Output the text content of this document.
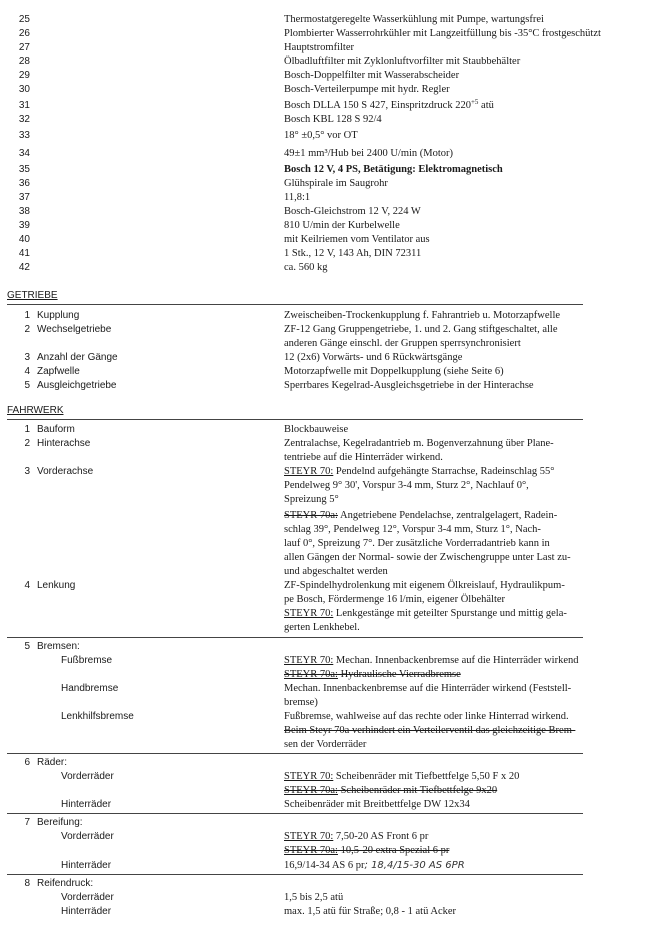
25	Thermostatgeregelte Wasserkühlung mit Pumpe, wartungsfrei
26	Plombierter Wasserrohrkühler mit Langzeitfüllung bis -35°C frostgeschützt
27	Hauptstromfilter
28	Ölbadluftfilter mit Zyklonluftvorfilter mit Staubbehälter
29	Bosch-Doppelfilter mit Wasserabscheider
30	Bosch-Verteilerpumpe mit hydr. Regler
31	Bosch DLLA 150 S 427, Einspritzdruck $220^{+5}$ atü
32	Bosch KBL 128 S 92/4
33	18° ±0,5° vor OT
34	49±1 mm³/Hub bei 2400 U/min (Motor)
35	Bosch 12 V, 4 PS, Betätigung: Elektromagnetisch
36	Glühspirale im Saugrohr
37	11,8:1
38	Bosch-Gleichstrom 12 V, 224 W
39	810 U/min der Kurbelwelle
40	mit Keilriemen vom Ventilator aus
41	1 Stk., 12 V, 143 Ah, DIN 72311
42	ca. 560 kg
GETRIEBE
1 Kupplung	Zweischeiben-Trockenkupplung f. Fahrantrieb u. Motorzapfwelle
2 Wechselgetriebe	ZF-12 Gang Gruppengetriebe, 1. und 2. Gang stiftgeschaltet, alle
anderen Gänge einschl. der Gruppen sperrsynchronisiert
3 Anzahl der Gänge	12 (2x6) Vorwärts- und 6 Rückwärtsgänge
4 Zapfwelle	Motorzapfwelle mit Doppelkupplung (siehe Seite 6)
5 Ausgleichgetriebe	Sperrbares Kegelrad-Ausgleichsgetriebe in der Hinterachse
FAHRWERK
1 Bauform	Blockbauweise
2 Hinterachse	Zentralachse, Kegelradantrieb m. Bogenverzahnung über Plane-
tentriebe auf die Hinterräder wirkend.
3 Vorderachse	STEYR 70: Pendelnd aufgehängte Starrachse, Radeinschlag 55°
Pendelweg 9° 30', Vorspur 3-4 mm, Sturz 2°, Nachlauf 0°,
Spreizung 5°
STEYR 70a: Angetriebene Pendelachse, zentralgelagert, Radein-
schlag 39°, Pendelweg 12°, Vorspur 3-4 mm, Sturz 1°, Nach-
lauf 0°, Spreizung 7°. Der zusätzliche Vorderradantrieb kann in
allen Gängen der Normal- sowie der Zwischengruppe unter Last zu-
und abgeschaltet werden
4 Lenkung	ZF-Spindelhydrolenkung mit eigenem Ölkreislauf, Hydraulikpum-
pe Bosch, Fördermenge 16 l/min, eigener Ölbehälter
STEYR 70: Lenkgestänge mit geteilter Spurstange und mittig gela-
gerten Lenkhebel.
5 Bremsen:
Fußbremse	STEYR 70: Mechan. Innenbackenbremse auf die Hinterräder wirkend
STEYR 70a: Hydraulische Vierradbremse
Handbremse	Mechan. Innenbackenbremse auf die Hinterräder wirkend (Feststell-
bremse)
Lenkhilfsbremse	Fußbremse, wahlweise auf das rechte oder linke Hinterrad wirkend.
Beim Steyr 70a verhindert ein Verteilerventil das gleichzeitige Brem-
sen der Vorderräder
6 Räder:
Vorderräder	STEYR 70: Scheibenräder mit Tiefbettfelge 5,50 F x 20
STEYR 70a: Scheibenräder mit Tiefbettfelge 9x20
Hinterräder	Scheibenräder mit Breitbettfelge DW 12x34
7 Bereifung:
Vorderräder	STEYR 70: 7,50-20 AS Front 6 pr
STEYR 70a: 10,5-20 extra Spezial 6 pr
Hinterräder	16,9/14-34 AS 6 pr; 18,4/15-30 AS 6PR
8 Reifendruck:
Vorderräder	1,5 bis 2,5 atü
Hinterräder	max. 1,5 atü für Straße; 0,8 - 1 atü Acker
